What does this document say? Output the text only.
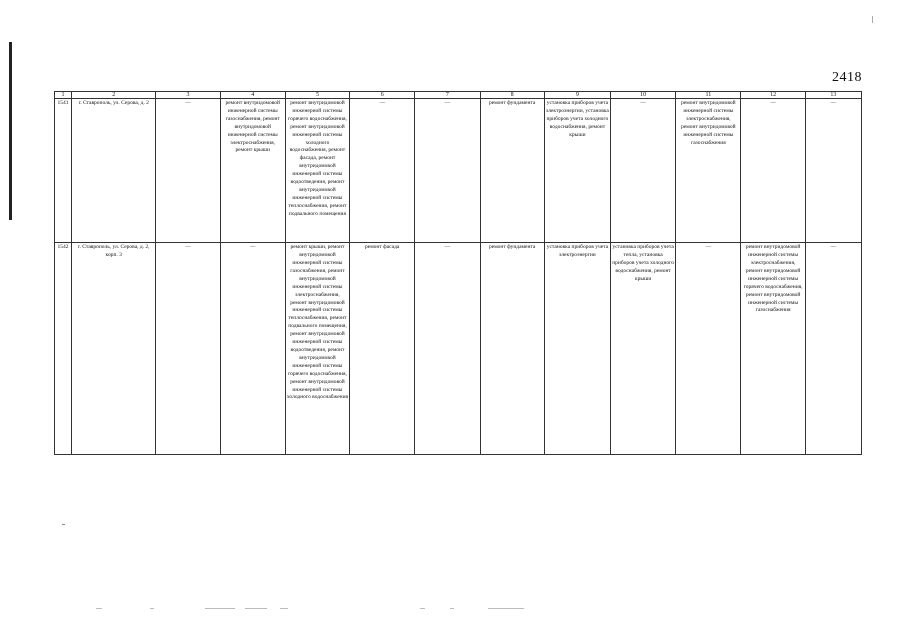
2418
1	2	3	4	5	6	7	8	9	10	11	12	13
1541	г. Ставрополь, ул. Серова, д. 2	—	ремонт внутридомовой инженерной системы газоснабжения, ремонт внутридомовой инженерной системы электроснабжения, ремонт крыши	ремонт внутридомовой инженерной системы горячего водоснабжения, ремонт внутридомовой инженерной системы холодного водоснабжения, ремонт фасада, ремонт внутридомовой инженерной системы водоотведения, ремонт внутридомовой инженерной системы теплоснабжения, ремонт подвального помещения	—	—	ремонт фундамента	установка приборов учета электроэнергии, установка приборов учета холодного водоснабжения, ремонт крыши	—	ремонт внутридомовой инженерной системы электроснабжения, ремонт внутридомовой инженерной системы газоснабжения	—	—
1542	г. Ставрополь, ул. Серова, д. 2, корп. 3	—	—	ремонт крыши, ремонт внутридомовой инженерной системы газоснабжения, ремонт внутридомовой инженерной системы электроснабжения, ремонт внутридомовой инженерной системы теплоснабжения, ремонт подвального помещения, ремонт внутридомовой инженерной системы водоотведения, ремонт внутридомовой инженерной системы горячего водоснабжения, ремонт внутридомовой инженерной системы холодного водоснабжения	ремонт фасада	—	ремонт фундамента	установка приборов учета электроэнергии	установка приборов учета тепла, установка приборов учета холодного водоснабжения, ремонт крыши	—	ремонт внутридомовой инженерной системы электроснабжения, ремонт внутридомовой инженерной системы горячего водоснабжения, ремонт внутридомовой инженерной системы газоснабжения	—
